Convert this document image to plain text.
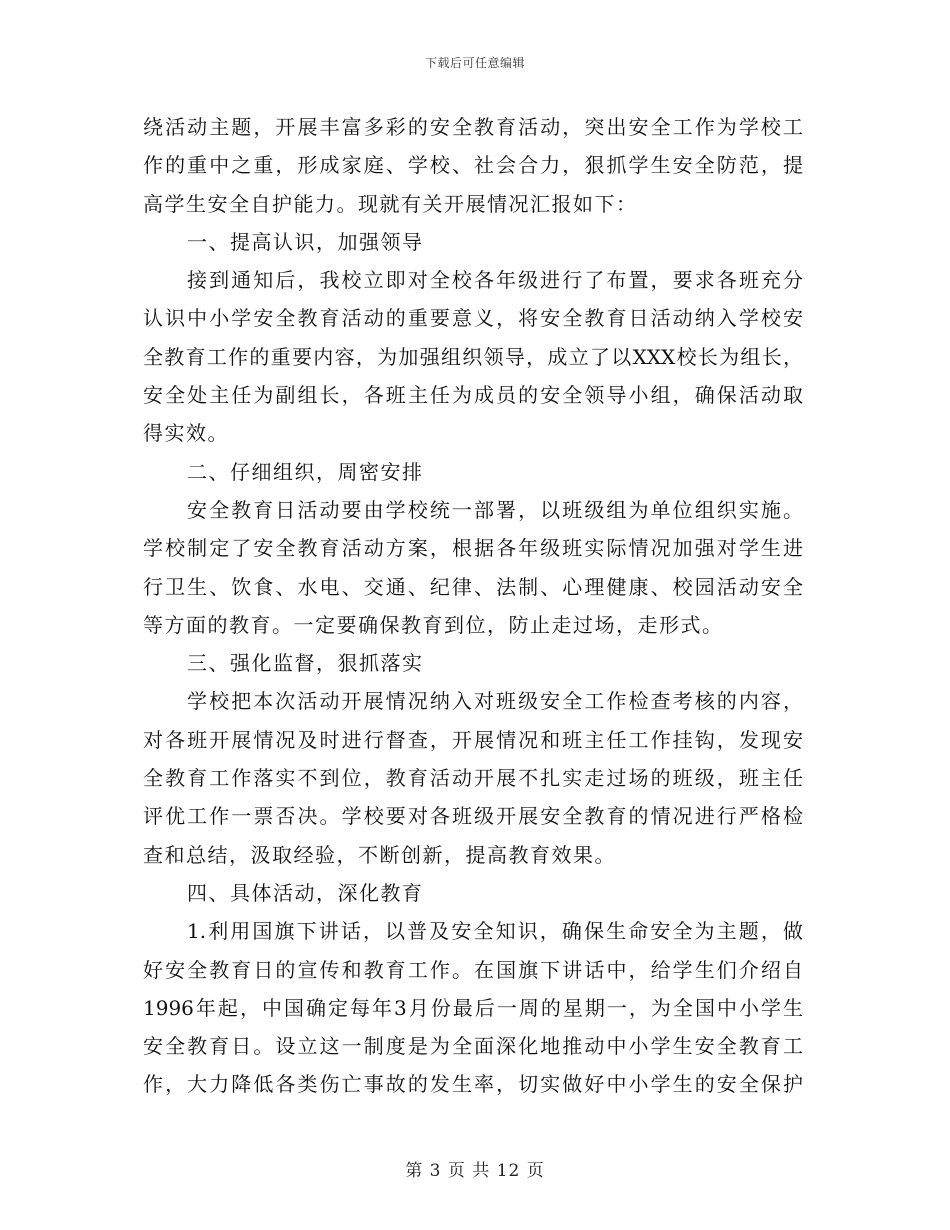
下载后可任意编辑
绕活动主题，开展丰富多彩的安全教育活动，突出安全工作为学校工
作的重中之重，形成家庭、学校、社会合力，狠抓学生安全防范，提
高学生安全自护能力。现就有关开展情况汇报如下：
一、提高认识，加强领导
接到通知后，我校立即对全校各年级进行了布置，要求各班充分
认识中小学安全教育活动的重要意义，将安全教育日活动纳入学校安
全教育工作的重要内容，为加强组织领导，成立了以XXX校长为组长，
安全处主任为副组长，各班主任为成员的安全领导小组，确保活动取
得实效。
二、仔细组织，周密安排
安全教育日活动要由学校统一部署，以班级组为单位组织实施。
学校制定了安全教育活动方案，根据各年级班实际情况加强对学生进
行卫生、饮食、水电、交通、纪律、法制、心理健康、校园活动安全
等方面的教育。一定要确保教育到位，防止走过场，走形式。
三、强化监督，狠抓落实
学校把本次活动开展情况纳入对班级安全工作检查考核的内容，
对各班开展情况及时进行督查，开展情况和班主任工作挂钩，发现安
全教育工作落实不到位，教育活动开展不扎实走过场的班级，班主任
评优工作一票否决。学校要对各班级开展安全教育的情况进行严格检
查和总结，汲取经验，不断创新，提高教育效果。
四、具体活动，深化教育
1.利用国旗下讲话，以普及安全知识，确保生命安全为主题，做
好安全教育日的宣传和教育工作。在国旗下讲话中，给学生们介绍自
1996年起，中国确定每年3月份最后一周的星期一，为全国中小学生
安全教育日。设立这一制度是为全面深化地推动中小学生安全教育工
作，大力降低各类伤亡事故的发生率，切实做好中小学生的安全保护
第 3 页 共 12 页
